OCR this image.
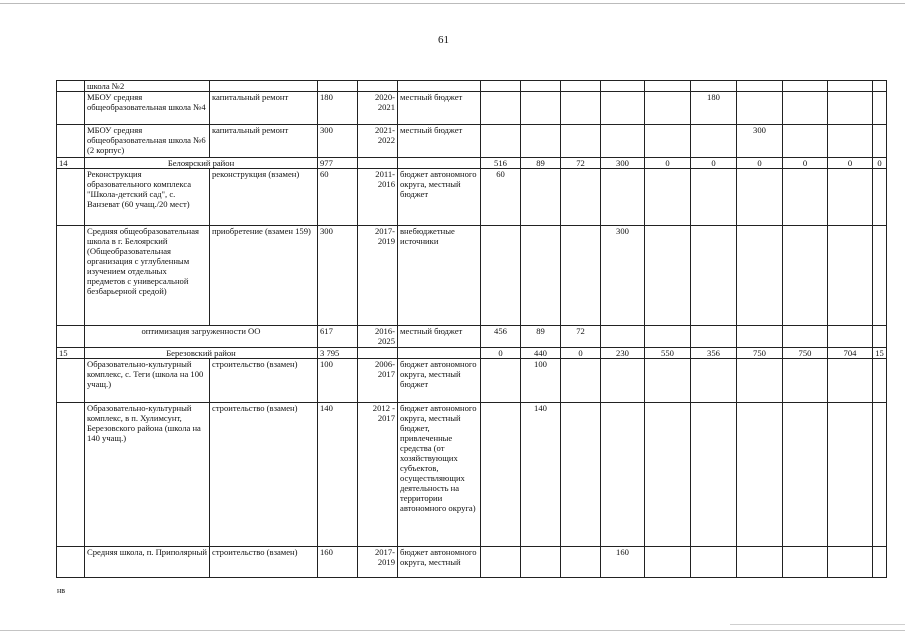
61
	школа №2														
	МБОУ средняя общеобразовательная школа №4	капитальный ремонт	180	2020-2021	местный бюджет						180				
	МБОУ средняя общеобразовательная школа №6 (2 корпус)	капитальный ремонт	300	2021-2022	местный бюджет							300			
14	Белоярский район		977			516	89	72	300	0	0	0	0	0	0
	Реконструкция образовательного комплекса "Школа-детский сад", с. Ванзеват (60 учащ./20 мест)	реконструкция (взамен)	60	2011-2016	бюджет автономного округа, местный бюджет	60									
	Средняя общеобразовательная школа в г. Белоярский (Общеобразовательная организация с углубленным изучением отдельных предметов с универсальной безбарьерной средой)	приобретение (взамен 159)	300	2017-2019	внебюджетные источники				300						
	оптимизация загруженности ОО		617	2016-2025	местный бюджет	456	89	72							
15	Березовский район		3 795			0	440	0	230	550	356	750	750	704	15
	Образовательно-культурный комплекс, с. Теги (школа на 100 учащ.)	строительство (взамен)	100	2006-2017	бюджет автономного округа, местный бюджет		100								
	Образовательно-культурный комплекс, в п. Хулимсунт, Березовского района (школа на 140 учащ.)	строительство (взамен)	140	2012 - 2017	бюджет автономного округа, местный бюджет, привлеченные средства (от хозяйствующих субъектов, осуществляющих деятельность на территории автономного округа)		140								
	Средняя школа, п. Приполярный	строительство (взамен)	160	2017-2019	бюджет автономного округа, местный				160						
нв
